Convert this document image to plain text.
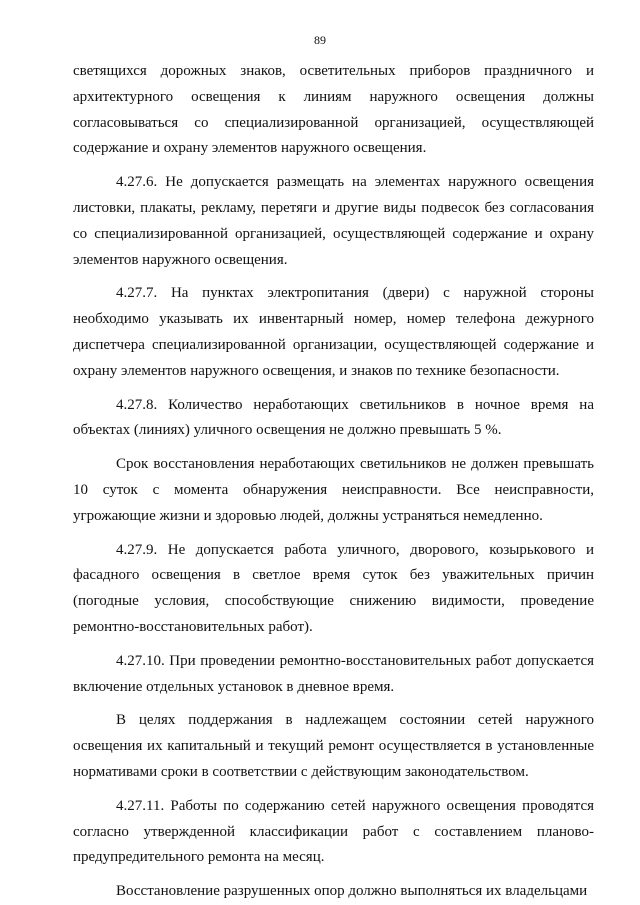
89

светящихся дорожных знаков, осветительных приборов праздничного и архитектурного освещения к линиям наружного освещения должны согласовываться со специализированной организацией, осуществляющей содержание и охрану элементов наружного освещения.

4.27.6. Не допускается размещать на элементах наружного освещения листовки, плакаты, рекламу, перетяги и другие виды подвесок без согласования со специализированной организацией, осуществляющей содержание и охрану элементов наружного освещения.

4.27.7. На пунктах электропитания (двери) с наружной стороны необходимо указывать их инвентарный номер, номер телефона дежурного диспетчера специализированной организации, осуществляющей содержание и охрану элементов наружного освещения, и знаков по технике безопасности.

4.27.8. Количество неработающих светильников в ночное время на объектах (линиях) уличного освещения не должно превышать 5 %.

Срок восстановления неработающих светильников не должен превышать 10 суток с момента обнаружения неисправности. Все неисправности, угрожающие жизни и здоровью людей, должны устраняться немедленно.

4.27.9. Не допускается работа уличного, дворового, козырькового и фасадного освещения в светлое время суток без уважительных причин (погодные условия, способствующие снижению видимости, проведение ремонтно-восстановительных работ).

4.27.10. При проведении ремонтно-восстановительных работ допускается включение отдельных установок в дневное время.

В целях поддержания в надлежащем состоянии сетей наружного освещения их капитальный и текущий ремонт осуществляется в установленные нормативами сроки в соответствии с действующим законодательством.

4.27.11. Работы по содержанию сетей наружного освещения проводятся согласно утвержденной классификации работ с составлением планово-предупредительного ремонта на месяц.

Восстановление разрушенных опор должно выполняться их владельцами
